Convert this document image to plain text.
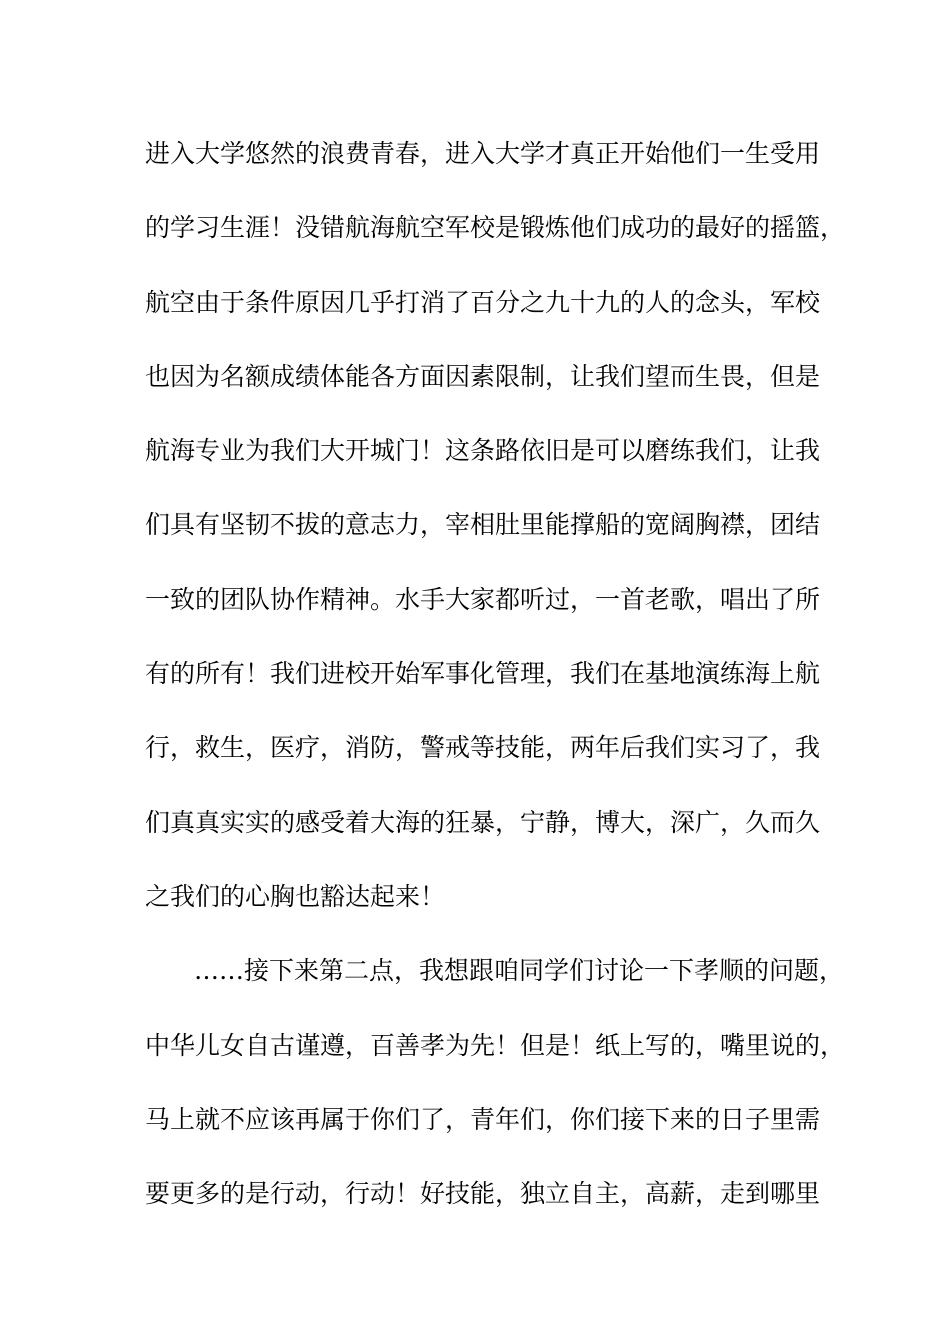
进入大学悠然的浪费青春，进入大学才真正开始他们一生受用
的学习生涯！没错航海航空军校是锻炼他们成功的最好的摇篮，
航空由于条件原因几乎打消了百分之九十九的人的念头，军校
也因为名额成绩体能各方面因素限制，让我们望而生畏，但是
航海专业为我们大开城门！这条路依旧是可以磨练我们，让我
们具有坚韧不拔的意志力，宰相肚里能撑船的宽阔胸襟，团结
一致的团队协作精神。水手大家都听过，一首老歌，唱出了所
有的所有！我们进校开始军事化管理，我们在基地演练海上航
行，救生，医疗，消防，警戒等技能，两年后我们实习了，我
们真真实实的感受着大海的狂暴，宁静，博大，深广，久而久
之我们的心胸也豁达起来！
……接下来第二点，我想跟咱同学们讨论一下孝顺的问题，
中华儿女自古谨遵，百善孝为先！但是！纸上写的，嘴里说的，
马上就不应该再属于你们了，青年们，你们接下来的日子里需
要更多的是行动，行动！好技能，独立自主，高薪，走到哪里
